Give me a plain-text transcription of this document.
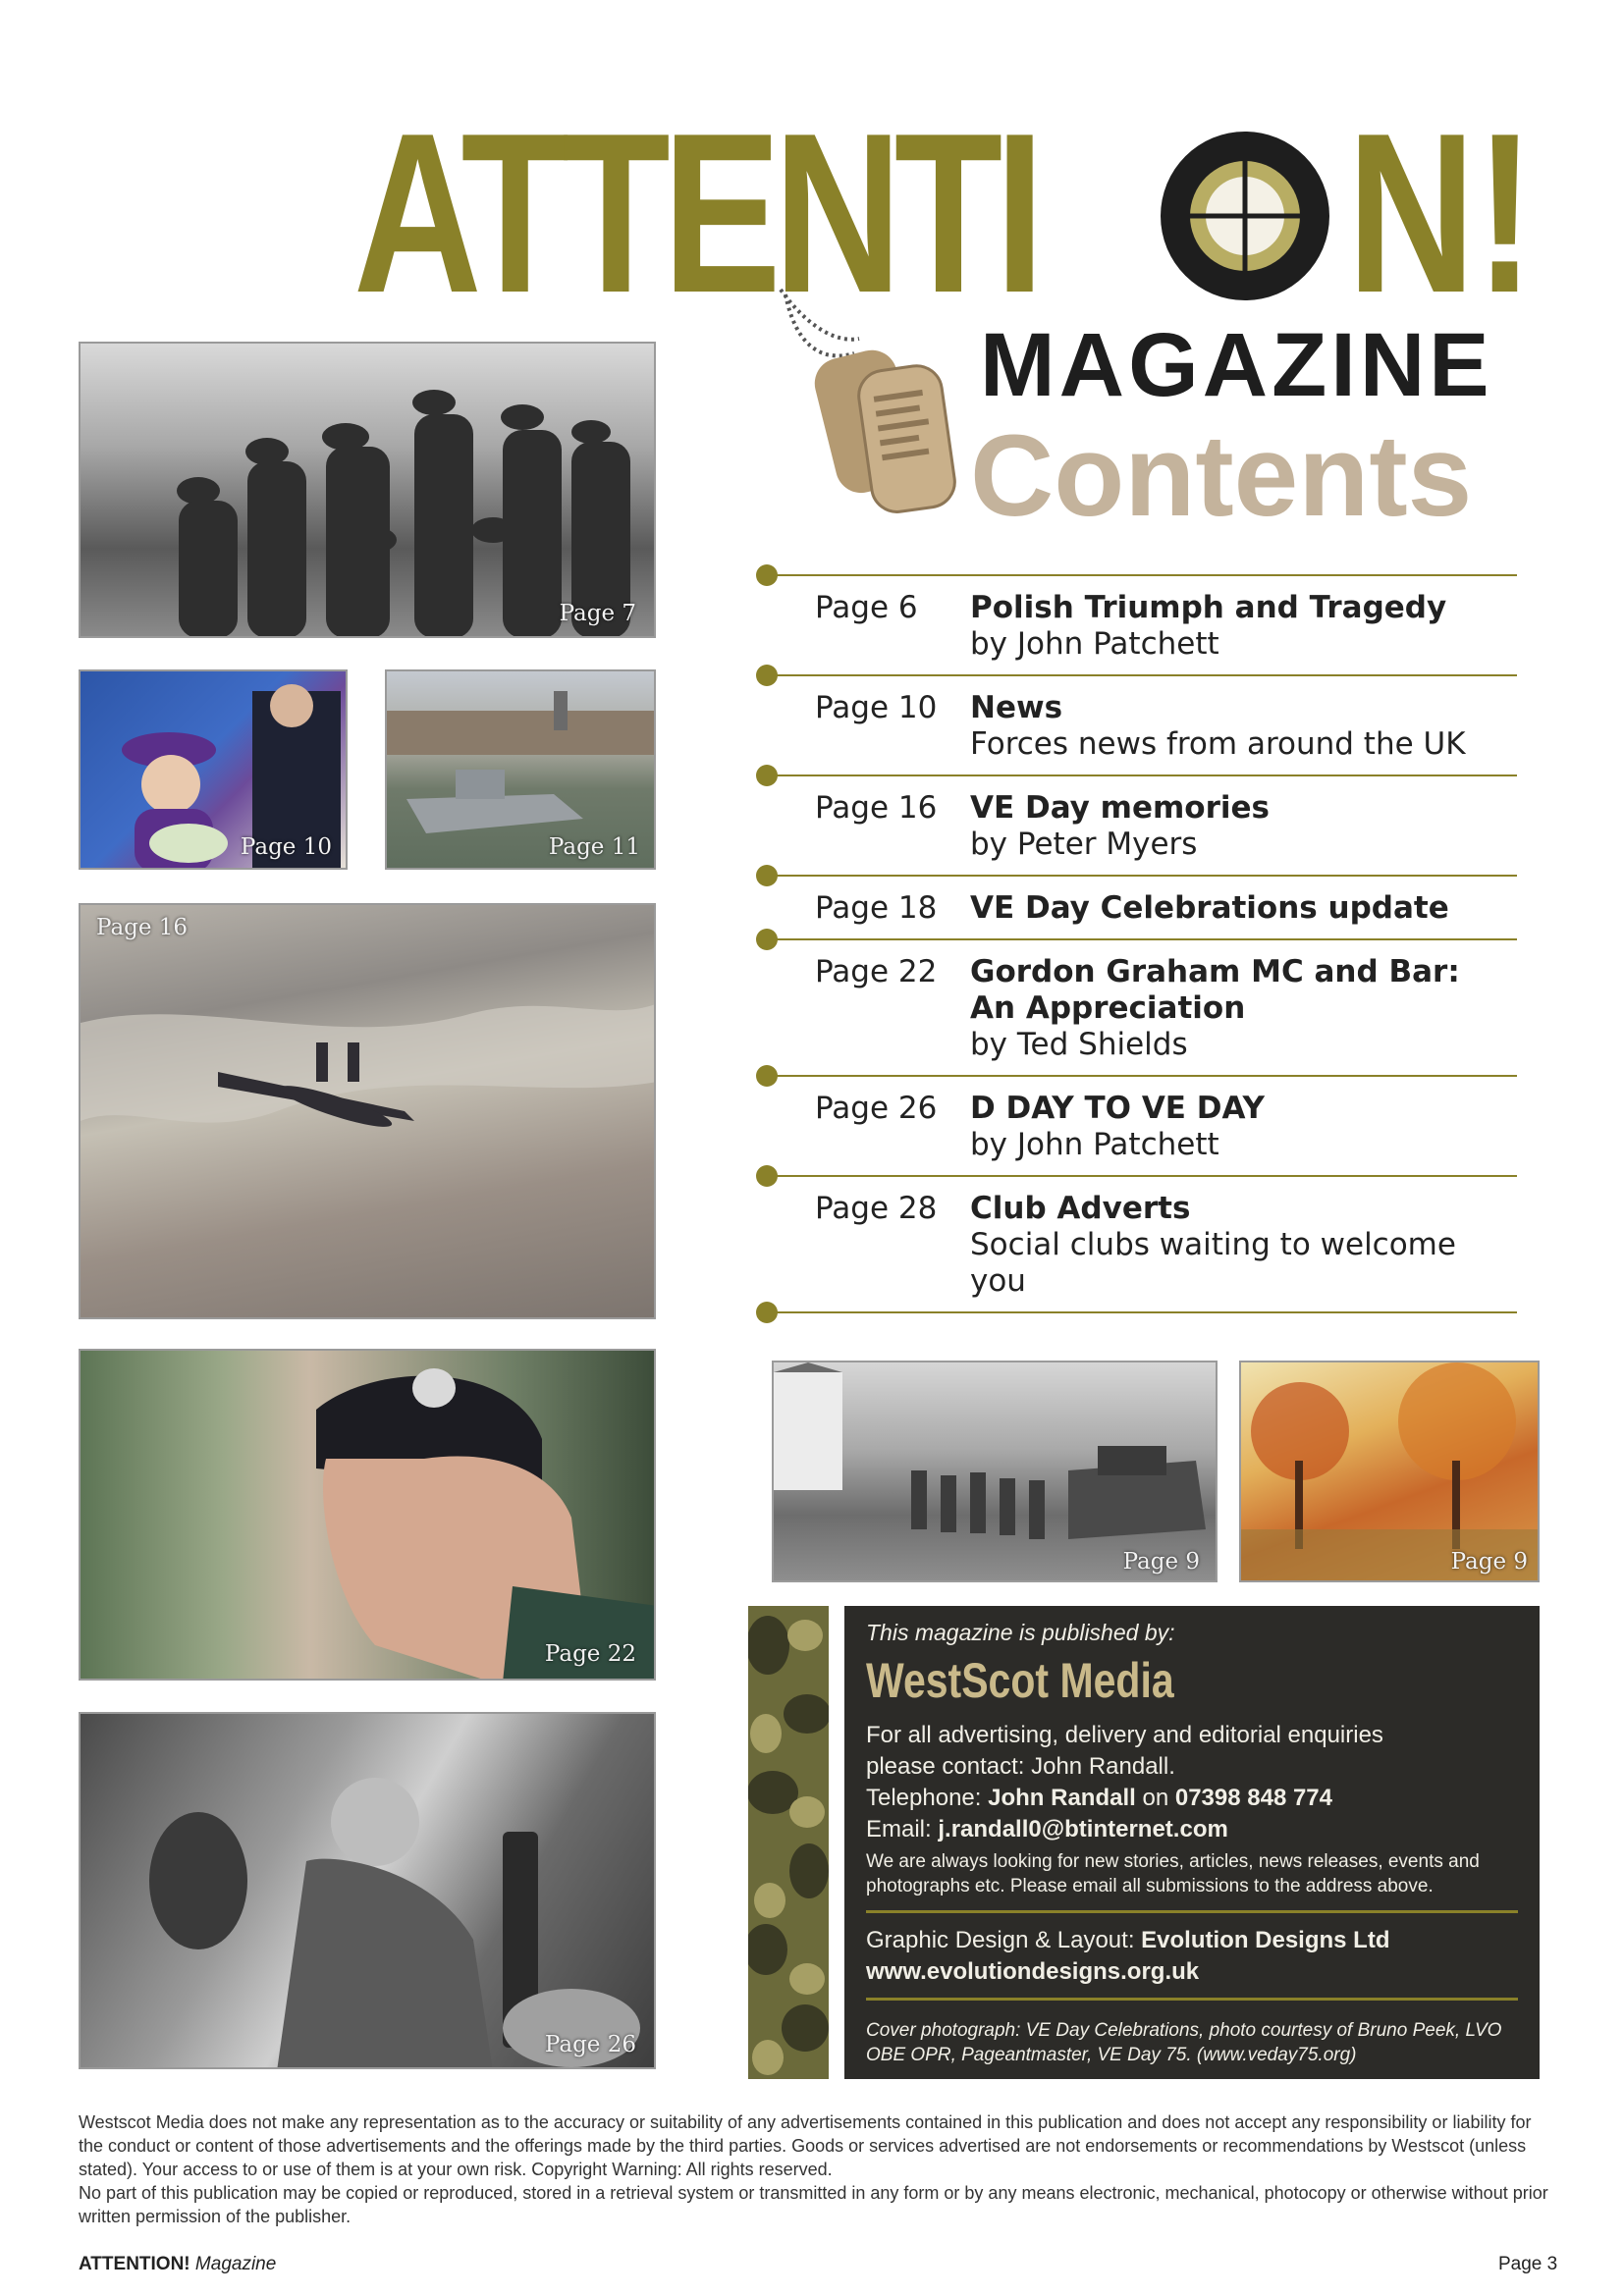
ATTENTI	N!
MAGAZINE
Contents
Page 7
Page 10	Page 11
Page 16
Page 22
Page 26
Page 6	Polish Triumph and Tragedy
by John Patchett
Page 10	News
Forces news from around the UK
Page 16	VE Day memories
by Peter Myers
Page 18	VE Day Celebrations update
Page 22	Gordon Graham MC and Bar:
An Appreciation
by Ted Shields
Page 26	D DAY TO VE DAY
by John Patchett
Page 28	Club Adverts
Social clubs waiting to welcome you
Page 9	Page 9
This magazine is published by:
WestScot Media
For all advertising, delivery and editorial enquiries
please contact: John Randall.
Telephone: John Randall on 07398 848 774
Email: j.randall0@btinternet.com
We are always looking for new stories, articles, news releases, events and photographs etc. Please email all submissions to the address above.
Graphic Design & Layout: Evolution Designs Ltd
www.evolutiondesigns.org.uk
Cover photograph: VE Day Celebrations, photo courtesy of Bruno Peek, LVO OBE OPR, Pageantmaster, VE Day 75. (www.veday75.org)
Westscot Media does not make any representation as to the accuracy or suitability of any advertisements contained in this publication and does not accept any responsibility or liability for the conduct or content of those advertisements and the offerings made by the third parties. Goods or services advertised are not endorsements or recommendations by Westscot (unless stated). Your access to or use of them is at your own risk. Copyright Warning: All rights reserved.
No part of this publication may be copied or reproduced, stored in a retrieval system or transmitted in any form or by any means electronic, mechanical, photocopy or otherwise without prior written permission of the publisher.
ATTENTION! Magazine	Page 3
